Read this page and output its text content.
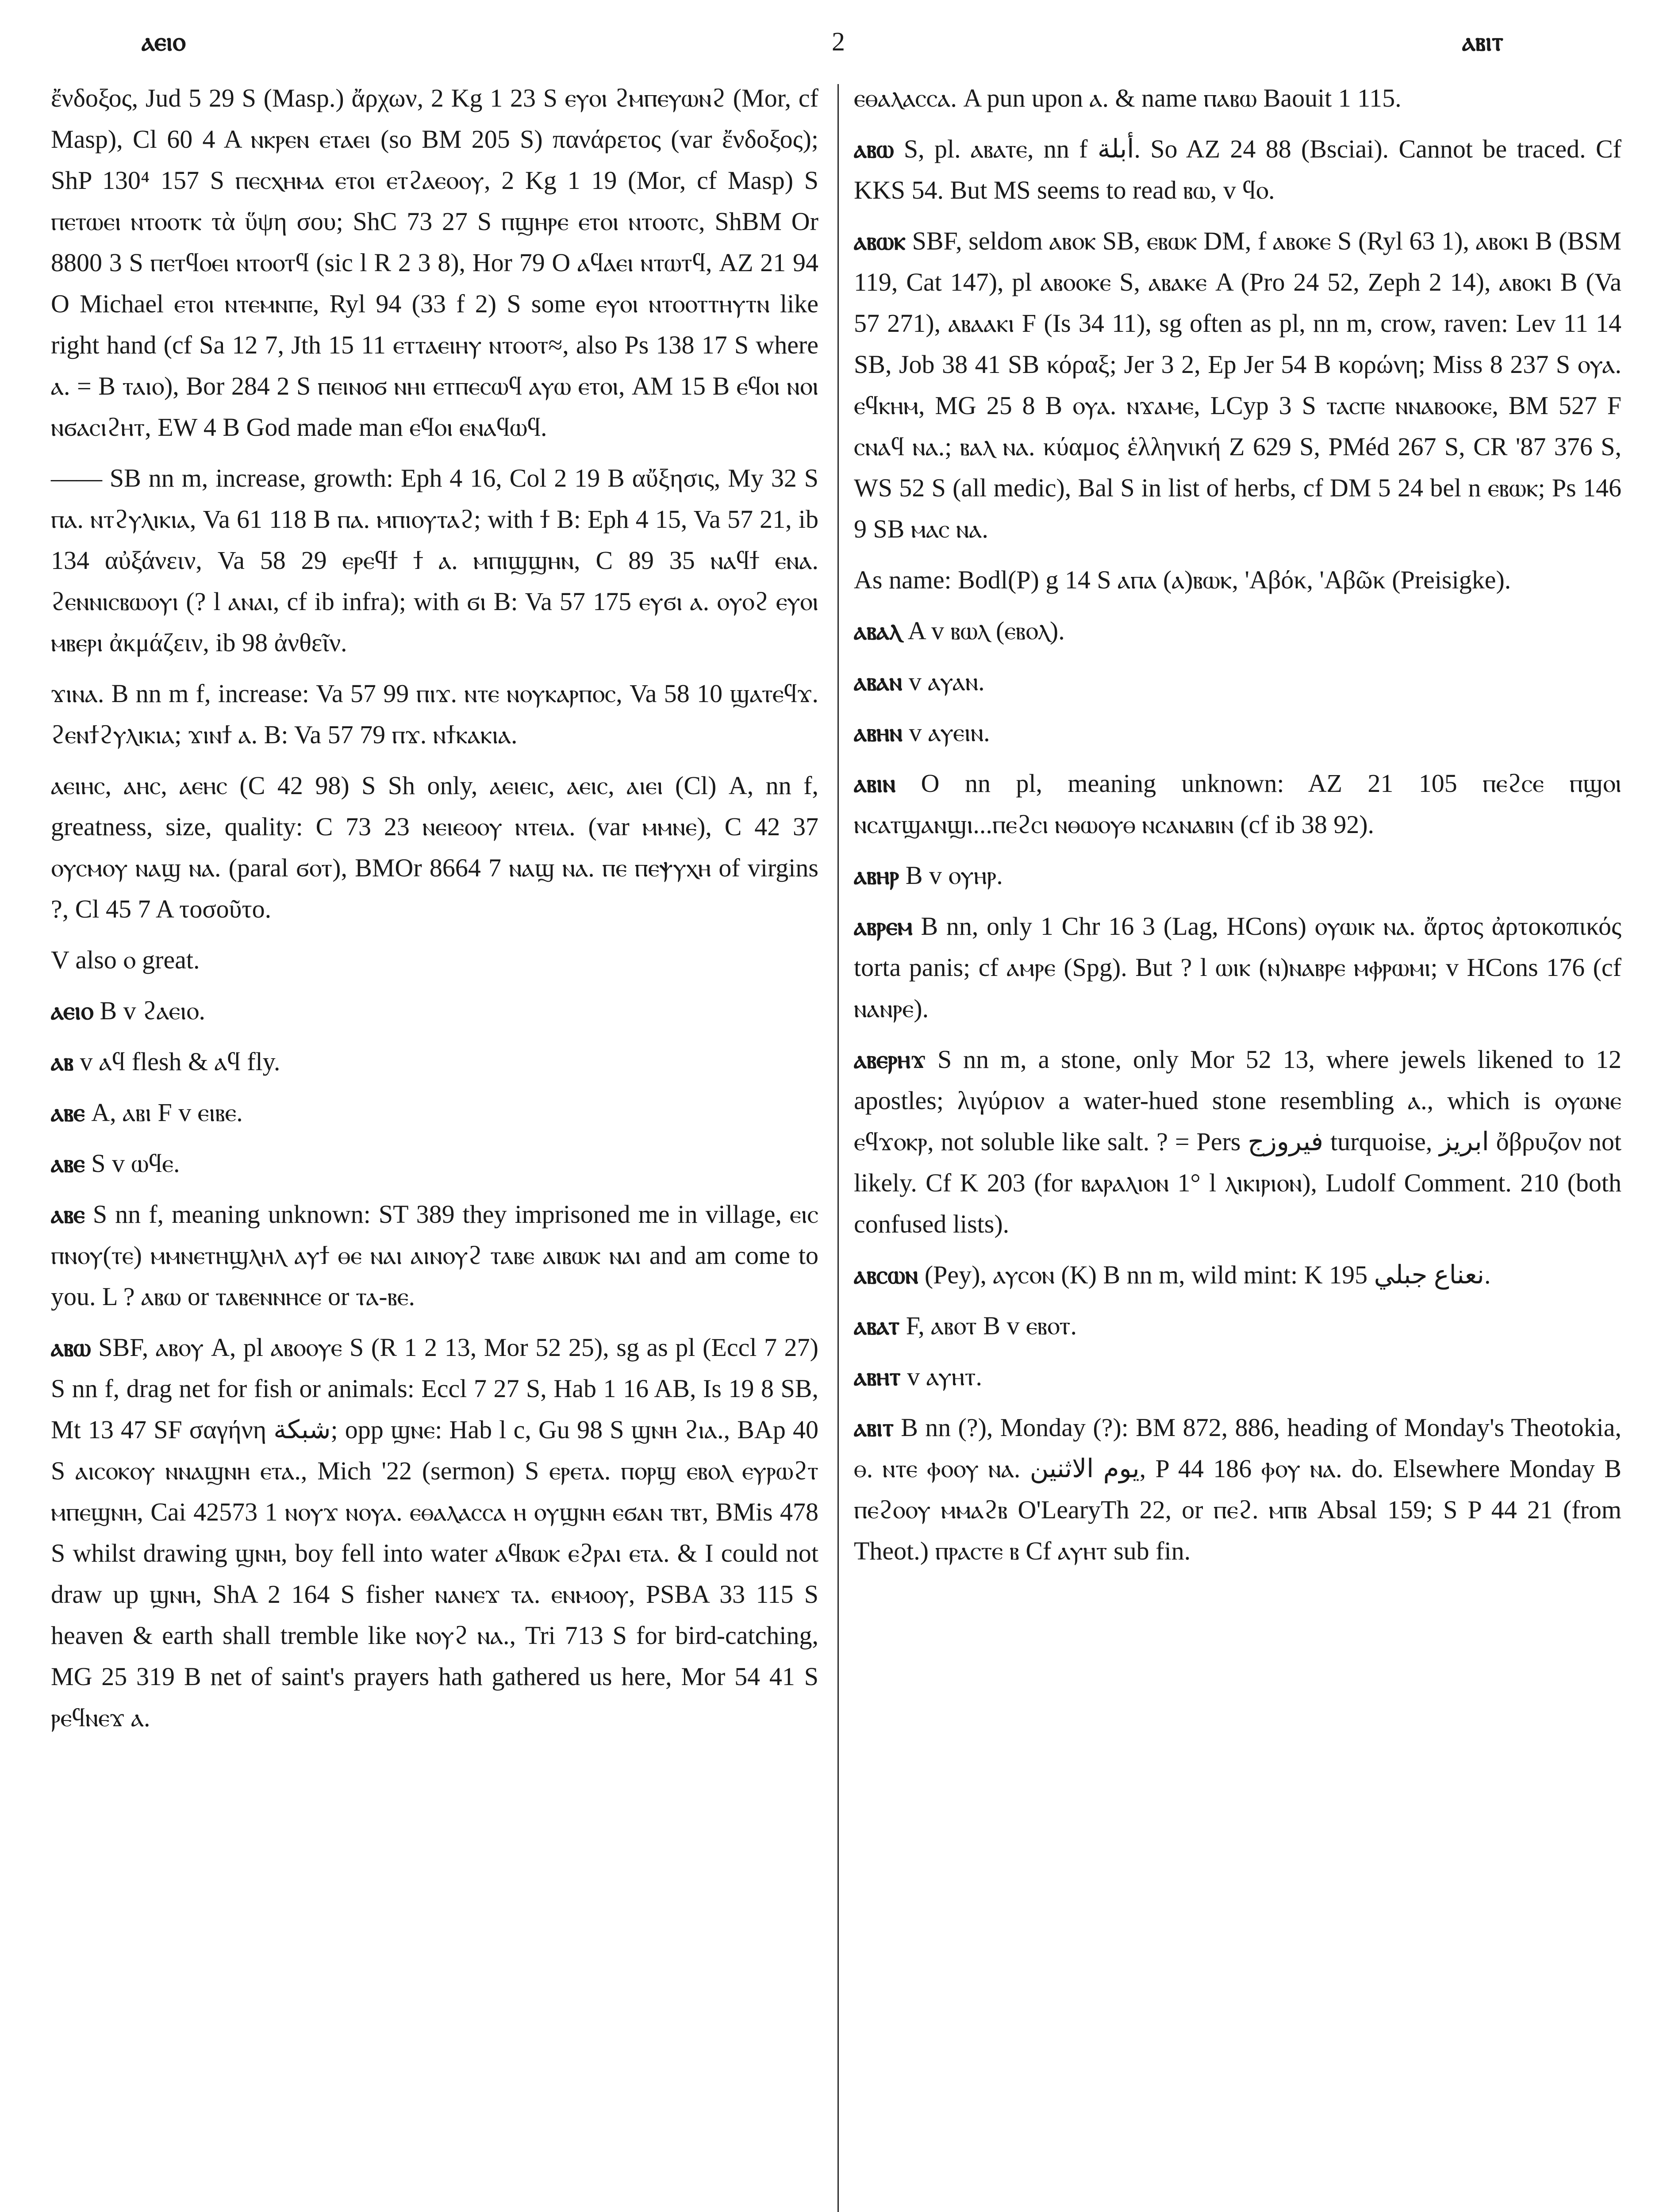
ⲁⲉⲓⲟ	2	ⲁⲃⲓⲧ

ἔνδοξος, Jud 5 29 S (Masp.) ἄρχων, 2 Kg 1 23 S ⲉⲩⲟⲓ ϩⲙⲡⲉⲩⲱⲛϩ (Mor, cf Masp), Cl 60 4 A ⲛⲕⲣⲉⲛ ⲉⲧⲁⲉⲓ (so BM 205 S) πανάρετος (var ἔνδοξος); ShP 130⁴ 157 S ⲡⲉⲥⲭⲏⲙⲁ ⲉⲧⲟⲓ ⲉⲧϩⲁⲉⲟⲟⲩ, 2 Kg 1 19 (Mor, cf Masp) S ⲡⲉⲧⲱⲉⲓ ⲛⲧⲟⲟⲧⲕ τὰ ὕψη σου; ShC 73 27 S ⲡϣⲏⲣⲉ ⲉⲧⲟⲓ ⲛⲧⲟⲟⲧⲥ, ShBM Or 8800 3 S ⲡⲉⲧϥⲟⲉⲓ ⲛⲧⲟⲟⲧϥ (sic l R 2 3 8), Hor 79 O ⲁϥⲁⲉⲓ ⲛⲧⲱⲧϥ, AZ 21 94 O Michael ⲉⲧⲟⲓ ⲛⲧⲉⲙⲛⲡⲉ, Ryl 94 (33 f 2) S some ⲉⲩⲟⲓ ⲛⲧⲟⲟⲧⲧⲏⲩⲧⲛ like right hand (cf Sa 12 7, Jth 15 11 ⲉⲧⲧⲁⲉⲓⲏⲩ ⲛⲧⲟⲟⲧ≈, also Ps 138 17 S where ⲁ. = B ⲧⲁⲓⲟ), Bor 284 2 S ⲡⲉⲓⲛⲟϭ ⲛⲏⲓ ⲉⲧⲡⲉⲥⲱϥ ⲁⲩⲱ ⲉⲧⲟⲓ, AM 15 B ⲉϥⲟⲓ ⲛⲟⲓ ⲛϭⲁⲥⲓϩⲏⲧ, EW 4 B God made man ⲉϥⲟⲓ ⲉⲛⲁϥⲱϥ.

—— SB nn m, increase, growth: Eph 4 16, Col 2 19 B αὔξησις, My 32 S ⲡⲁ. ⲛⲧϩⲩⲗⲓⲕⲓⲁ, Va 61 118 B ⲡⲁ. ⲙⲡⲓⲟⲩⲧⲁϩ; with ϯ B: Eph 4 15, Va 57 21, ib 134 αὐξάνειν, Va 58 29 ⲉⲣⲉϥϯ ϯ ⲁ. ⲙⲡⲓϣϣⲏⲛ, C 89 35 ⲛⲁϥϯ ⲉⲛⲁ. ϩⲉⲛⲛⲓⲥⲃⲱⲟⲩⲓ (? l ⲁⲛⲁⲓ, cf ib infra); with ϭⲓ B: Va 57 175 ⲉⲩϭⲓ ⲁ. ⲟⲩⲟϩ ⲉⲩⲟⲓ ⲙⲃⲉⲣⲓ ἀκμάζειν, ib 98 ἀνθεῖν.

ϫⲓⲛⲁ. B nn m f, increase: Va 57 99 ⲡⲓϫ. ⲛⲧⲉ ⲛⲟⲩⲕⲁⲣⲡⲟⲥ, Va 58 10 ϣⲁⲧⲉϥϫ. ϩⲉⲛϯϩⲩⲗⲓⲕⲓⲁ; ϫⲓⲛϯ ⲁ. B: Va 57 79 ⲡϫ. ⲛϯⲕⲁⲕⲓⲁ.

ⲁⲉⲓⲏⲥ, ⲁⲏⲥ, ⲁⲉⲏⲥ (C 42 98) S Sh only, ⲁⲉⲓⲉⲓⲥ, ⲁⲉⲓⲥ, ⲁⲓⲉⲓ (Cl) A, nn f, greatness, size, quality: C 73 23 ⲛⲉⲓⲉⲟⲟⲩ ⲛⲧⲉⲓⲁ. (var ⲙⲙⲛⲉ), C 42 37 ⲟⲩⲥⲙⲟⲩ ⲛⲁϣ ⲛⲁ. (paral ϭⲟⲧ), BMOr 8664 7 ⲛⲁϣ ⲛⲁ. ⲡⲉ ⲡⲉⲯⲩⲭⲏ of virgins ?, Cl 45 7 A τοσοῦτο.

V also ⲟ great.

ⲁⲉⲓⲟ B v ϩⲁⲉⲓⲟ.

ⲁⲃ v ⲁϥ flesh & ⲁϥ fly.

ⲁⲃⲉ A, ⲁⲃⲓ F v ⲉⲓⲃⲉ.

ⲁⲃⲉ S v ⲱϥⲉ.

ⲁⲃⲉ S nn f, meaning unknown: ST 389 they imprisoned me in village, ⲉⲓⲥ ⲡⲛⲟⲩ(ⲧⲉ) ⲙⲙⲛⲉⲧⲏϣⲗⲏⲗ ⲁⲩϯ ⲑⲉ ⲛⲁⲓ ⲁⲓⲛⲟⲩϩ ⲧⲁⲃⲉ ⲁⲓⲃⲱⲕ ⲛⲁⲓ and am come to you. L ? ⲁⲃⲱ or ⲧⲁⲃⲉⲛⲛⲏⲥⲉ or ⲧⲁ-ⲃⲉ.

ⲁⲃⲱ SBF, ⲁⲃⲟⲩ A, pl ⲁⲃⲟⲟⲩⲉ S (R 1 2 13, Mor 52 25), sg as pl (Eccl 7 27) S nn f, drag net for fish or animals: Eccl 7 27 S, Hab 1 16 AB, Is 19 8 SB, Mt 13 47 SF σαγήνη شبكة; opp ϣⲛⲉ: Hab l c, Gu 98 S ϣⲛⲏ ϩⲓⲁ., BAp 40 S ⲁⲓⲥⲟⲕⲟⲩ ⲛⲛⲁϣⲛⲏ ⲉⲧⲁ., Mich '22 (sermon) S ⲉⲣⲉⲧⲁ. ⲡⲟⲣϣ ⲉⲃⲟⲗ ⲉⲩⲣⲱϩⲧ ⲙⲡⲉϣⲛⲏ, Cai 42573 1 ⲛⲟⲩϫ ⲛⲟⲩⲁ. ⲉⲑⲁⲗⲁⲥⲥⲁ ⲏ ⲟⲩϣⲛⲏ ⲉϭⲁⲛ ⲧⲃⲧ, BMis 478 S whilst drawing ϣⲛⲏ, boy fell into water ⲁϥⲃⲱⲕ ⲉϩⲣⲁⲓ ⲉⲧⲁ. & I could not draw up ϣⲛⲏ, ShA 2 164 S fisher ⲛⲁⲛⲉϫ ⲧⲁ. ⲉⲛⲙⲟⲟⲩ, PSBA 33 115 S heaven & earth shall tremble like ⲛⲟⲩϩ ⲛⲁ., Tri 713 S for bird-catching, MG 25 319 B net of saint's prayers hath gathered us here, Mor 54 41 S ⲣⲉϥⲛⲉϫ ⲁ.

ⲉⲑⲁⲗⲁⲥⲥⲁ. A pun upon ⲁ. & name ⲡⲁⲃⲱ Baouit 1 115.

ⲁⲃⲱ S, pl. ⲁⲃⲁⲧⲉ, nn f أبلة. So AZ 24 88 (Bsciai). Cannot be traced. Cf KKS 54. But MS seems to read ⲃⲱ, v ϥⲟ.

ⲁⲃⲱⲕ SBF, seldom ⲁⲃⲟⲕ SB, ⲉⲃⲱⲕ DM, f ⲁⲃⲟⲕⲉ S (Ryl 63 1), ⲁⲃⲟⲕⲓ B (BSM 119, Cat 147), pl ⲁⲃⲟⲟⲕⲉ S, ⲁⲃⲁⲕⲉ A (Pro 24 52, Zeph 2 14), ⲁⲃⲟⲕⲓ B (Va 57 271), ⲁⲃⲁⲁⲕⲓ F (Is 34 11), sg often as pl, nn m, crow, raven: Lev 11 14 SB, Job 38 41 SB κόραξ; Jer 3 2, Ep Jer 54 B κορώνη; Miss 8 237 S ⲟⲩⲁ. ⲉϥⲕⲏⲙ, MG 25 8 B ⲟⲩⲁ. ⲛϫⲁⲙⲉ, LCyp 3 S ⲧⲁⲥⲡⲉ ⲛⲛⲁⲃⲟⲟⲕⲉ, BM 527 F ⲥⲛⲁϥ ⲛⲁ.; ⲃⲁⲗ ⲛⲁ. κύαμος ἑλληνική Z 629 S, PMéd 267 S, CR '87 376 S, WS 52 S (all medic), Bal S in list of herbs, cf DM 5 24 bel n ⲉⲃⲱⲕ; Ps 146 9 SB ⲙⲁⲥ ⲛⲁ.

As name: Bodl(P) g 14 S ⲁⲡⲁ (ⲁ)ⲃⲱⲕ, 'Αβόκ, 'Αβῶκ (Preisigke).

ⲁⲃⲁⲗ A v ⲃⲱⲗ (ⲉⲃⲟⲗ).

ⲁⲃⲁⲛ v ⲁⲩⲁⲛ.

ⲁⲃⲏⲛ v ⲁⲩⲉⲓⲛ.

ⲁⲃⲓⲛ O nn pl, meaning unknown: AZ 21 105 ⲡⲉϩⲥⲉ ⲡϣⲟⲓ ⲛⲥⲁⲧϣⲁⲛϣⲓ...ⲡⲉϩⲥⲓ ⲛⲑⲱⲟⲩⲑ ⲛⲥⲁⲛⲁⲃⲓⲛ (cf ib 38 92).

ⲁⲃⲏⲣ B v ⲟⲩⲏⲣ.

ⲁⲃⲣⲉⲙ B nn, only 1 Chr 16 3 (Lag, HCons) ⲟⲩⲱⲓⲕ ⲛⲁ. ἄρτος ἀρτοκοπικός torta panis; cf ⲁⲙⲣⲉ (Spg). But ? l ⲱⲓⲕ (ⲛ)ⲛⲁⲃⲣⲉ ⲙⲫⲣⲱⲙⲓ; v HCons 176 (cf ⲛⲁⲛⲣⲉ).

ⲁⲃⲉⲣⲏϫ S nn m, a stone, only Mor 52 13, where jewels likened to 12 apostles; λιγύριον a water-hued stone resembling ⲁ., which is ⲟⲩⲱⲛⲉ ⲉϥϫⲟⲕⲣ, not soluble like salt. ? = Pers فيروزج turquoise, ابريز ὄβρυζον not likely. Cf K 203 (for ⲃⲁⲣⲁⲗⲓⲟⲛ 1° l ⲗⲓⲕⲓⲣⲓⲟⲛ), Ludolf Comment. 210 (both confused lists).

ⲁⲃⲥⲱⲛ (Pey), ⲁⲩⲥⲟⲛ (K) B nn m, wild mint: K 195 نعناع جبلي.

ⲁⲃⲁⲧ F, ⲁⲃⲟⲧ B v ⲉⲃⲟⲧ.

ⲁⲃⲏⲧ v ⲁⲩⲏⲧ.

ⲁⲃⲓⲧ B nn (?), Monday (?): BM 872, 886, heading of Monday's Theotokia, ⲑ. ⲛⲧⲉ ⲫⲟⲟⲩ ⲛⲁ. يوم الاثنين, P 44 186 ⲫⲟⲩ ⲛⲁ. do. Elsewhere Monday B ⲡⲉϩⲟⲟⲩ ⲙⲙⲁϩⲃ O'LearyTh 22, or ⲡⲉϩ. ⲙⲡⲃ Absal 159; S P 44 21 (from Theot.) ⲡⲣⲁⲥⲧⲉ ⲃ Cf ⲁⲩⲏⲧ sub fin.
